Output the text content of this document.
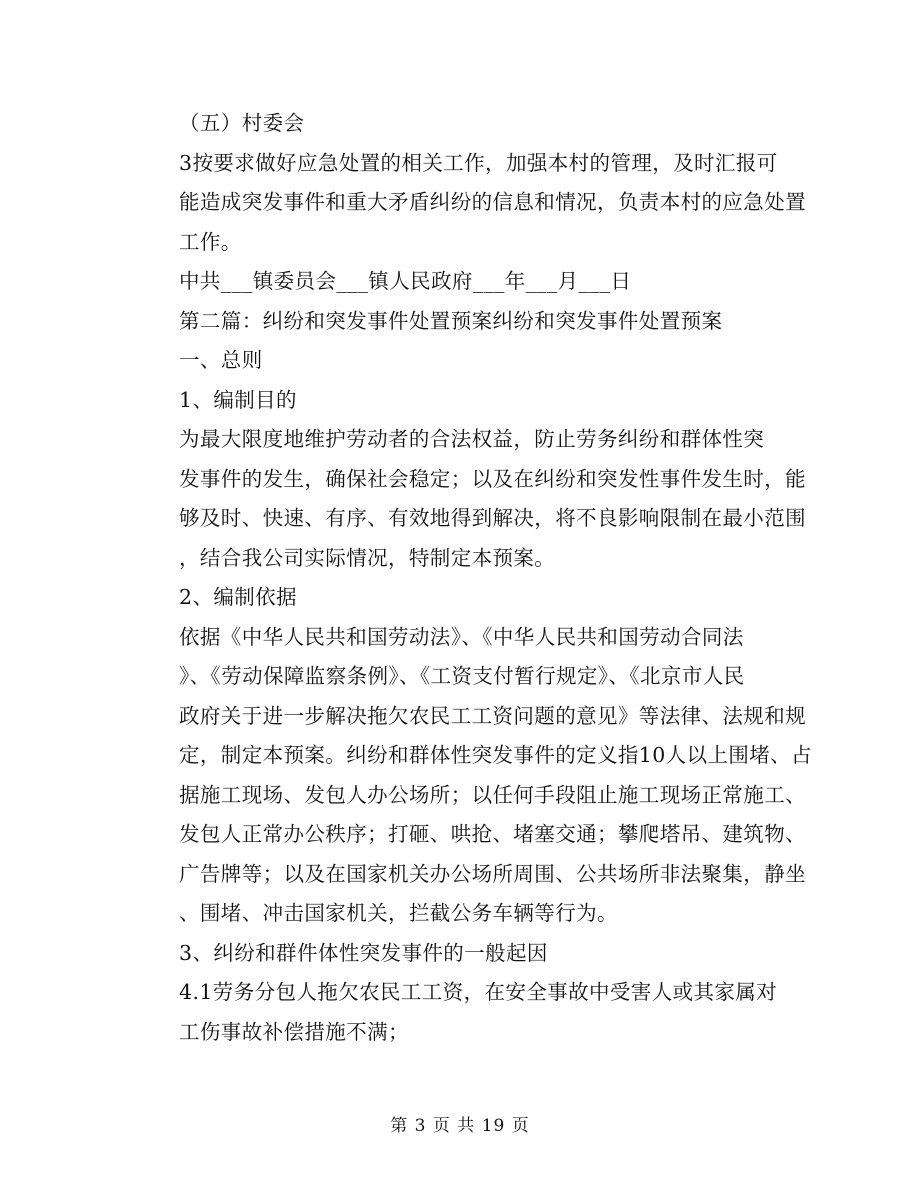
（五）村委会

3按要求做好应急处置的相关工作，加强本村的管理，及时汇报可
能造成突发事件和重大矛盾纠纷的信息和情况，负责本村的应急处置
工作。

中共___镇委员会___镇人民政府___年___月___日

第二篇：纠纷和突发事件处置预案纠纷和突发事件处置预案

一、总则

1、编制目的

为最大限度地维护劳动者的合法权益，防止劳务纠纷和群体性突
发事件的发生，确保社会稳定；以及在纠纷和突发性事件发生时，能
够及时、快速、有序、有效地得到解决，将不良影响限制在最小范围
，结合我公司实际情况，特制定本预案。

2、编制依据

依据《中华人民共和国劳动法》、《中华人民共和国劳动合同法
》、《劳动保障监察条例》、《工资支付暂行规定》、《北京市人民
政府关于进一步解决拖欠农民工工资问题的意见》等法律、法规和规
定，制定本预案。纠纷和群体性突发事件的定义指10人以上围堵、占
据施工现场、发包人办公场所；以任何手段阻止施工现场正常施工、
发包人正常办公秩序；打砸、哄抢、堵塞交通；攀爬塔吊、建筑物、
广告牌等；以及在国家机关办公场所周围、公共场所非法聚集，静坐
、围堵、冲击国家机关，拦截公务车辆等行为。

3、纠纷和群件体性突发事件的一般起因

4.1劳务分包人拖欠农民工工资，在安全事故中受害人或其家属对
工伤事故补偿措施不满；

第 3 页 共 19 页
